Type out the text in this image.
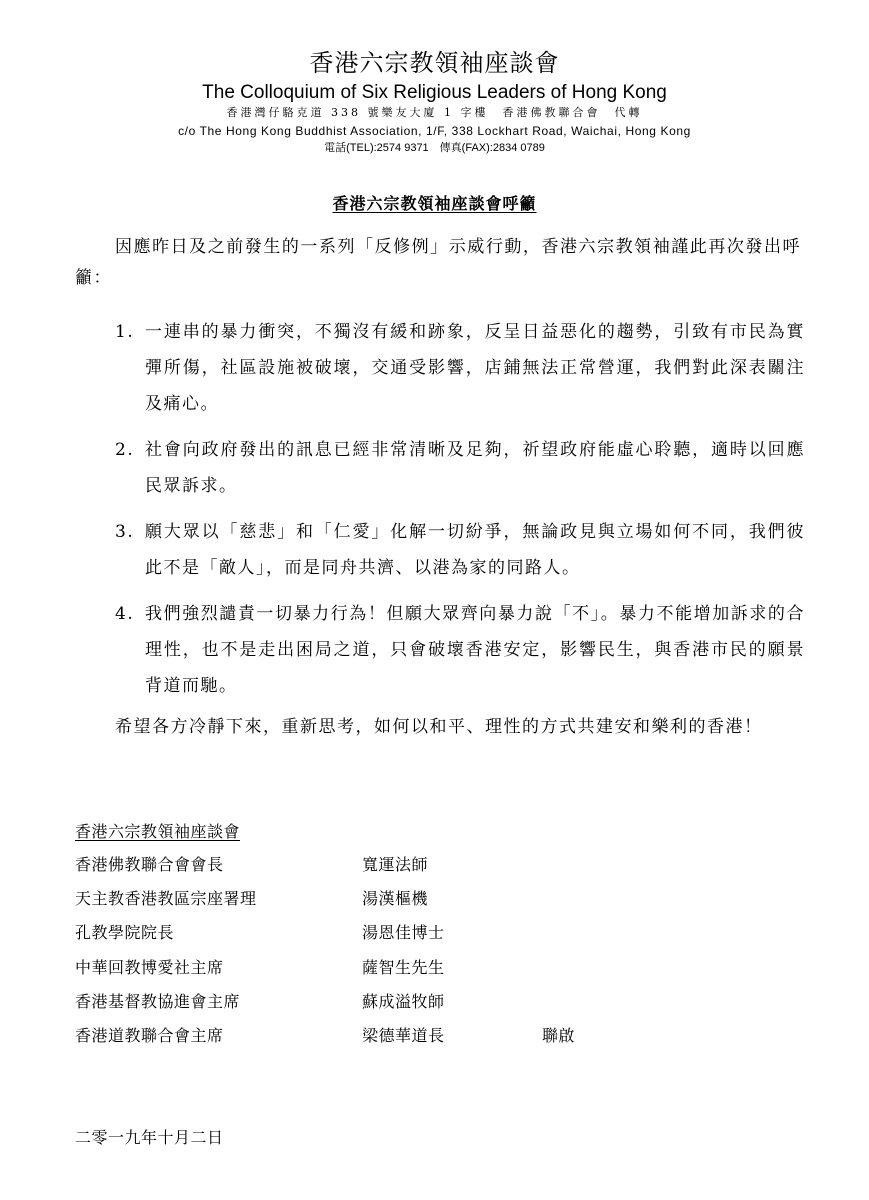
香港六宗教領袖座談會
The Colloquium of Six Religious Leaders of Hong Kong
香港灣仔駱克道 338 號樂友大廈 1 字樓　香港佛教聯合會　代轉
c/o The Hong Kong Buddhist Association, 1/F, 338 Lockhart Road, Waichai, Hong Kong
電話(TEL):2574 9371　傳真(FAX):2834 0789
香港六宗教領袖座談會呼籲
因應昨日及之前發生的一系列「反修例」示威行動，香港六宗教領袖謹此再次發出呼籲：
1. 一連串的暴力衝突，不獨沒有緩和跡象，反呈日益惡化的趨勢，引致有市民為實彈所傷，社區設施被破壞，交通受影響，店鋪無法正常營運，我們對此深表關注及痛心。
2. 社會向政府發出的訊息已經非常清晰及足夠，祈望政府能虛心聆聽，適時以回應民眾訴求。
3. 願大眾以「慈悲」和「仁愛」化解一切紛爭，無論政見與立場如何不同，我們彼此不是「敵人」，而是同舟共濟、以港為家的同路人。
4. 我們強烈譴責一切暴力行為！但願大眾齊向暴力說「不」。暴力不能增加訴求的合理性，也不是走出困局之道，只會破壞香港安定，影響民生，與香港市民的願景背道而馳。
希望各方冷靜下來，重新思考，如何以和平、理性的方式共建安和樂利的香港！
香港六宗教領袖座談會
香港佛教聯合會會長	寬運法師
天主教香港教區宗座署理	湯漢樞機
孔教學院院長	湯恩佳博士
中華回教博愛社主席	薩智生先生
香港基督教協進會主席	蘇成溢牧師
香港道教聯合會主席	梁德華道長	聯啟
二零一九年十月二日
